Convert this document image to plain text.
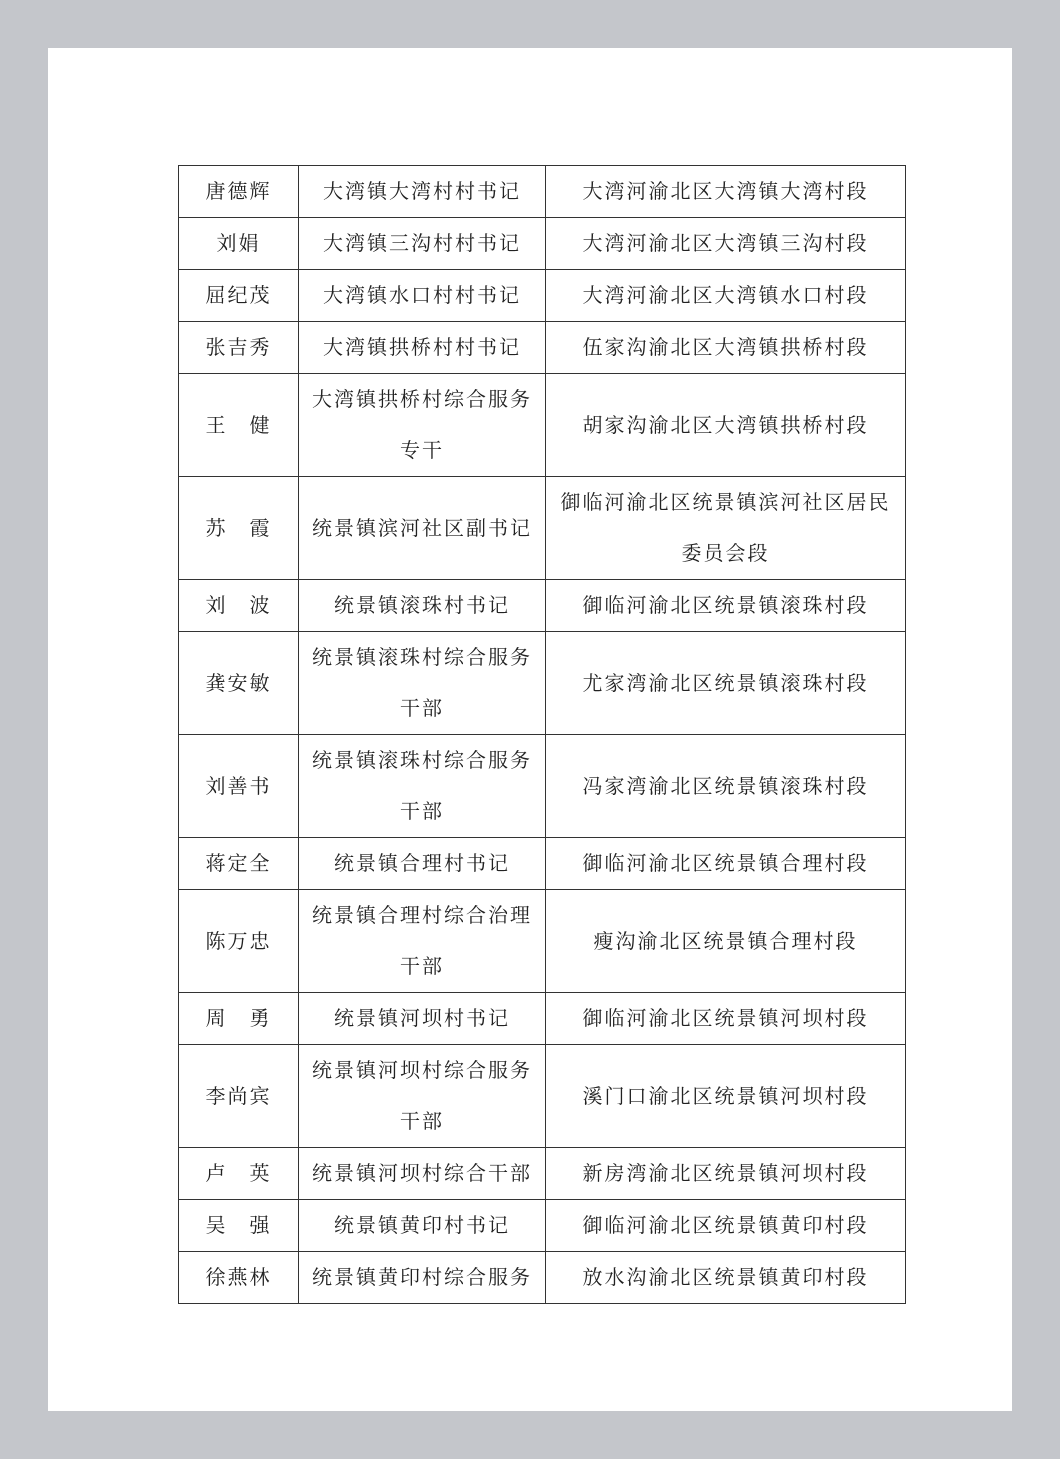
唐德辉	大湾镇大湾村村书记	大湾河渝北区大湾镇大湾村段
刘娟	大湾镇三沟村村书记	大湾河渝北区大湾镇三沟村段
屈纪茂	大湾镇水口村村书记	大湾河渝北区大湾镇水口村段
张吉秀	大湾镇拱桥村村书记	伍家沟渝北区大湾镇拱桥村段
王　健	大湾镇拱桥村综合服务专干	胡家沟渝北区大湾镇拱桥村段
苏　霞	统景镇滨河社区副书记	御临河渝北区统景镇滨河社区居民委员会段
刘　波	统景镇滚珠村书记	御临河渝北区统景镇滚珠村段
龚安敏	统景镇滚珠村综合服务干部	尤家湾渝北区统景镇滚珠村段
刘善书	统景镇滚珠村综合服务干部	冯家湾渝北区统景镇滚珠村段
蒋定全	统景镇合理村书记	御临河渝北区统景镇合理村段
陈万忠	统景镇合理村综合治理干部	瘦沟渝北区统景镇合理村段
周　勇	统景镇河坝村书记	御临河渝北区统景镇河坝村段
李尚宾	统景镇河坝村综合服务干部	溪门口渝北区统景镇河坝村段
卢　英	统景镇河坝村综合干部	新房湾渝北区统景镇河坝村段
吴　强	统景镇黄印村书记	御临河渝北区统景镇黄印村段
徐燕林	统景镇黄印村综合服务	放水沟渝北区统景镇黄印村段
